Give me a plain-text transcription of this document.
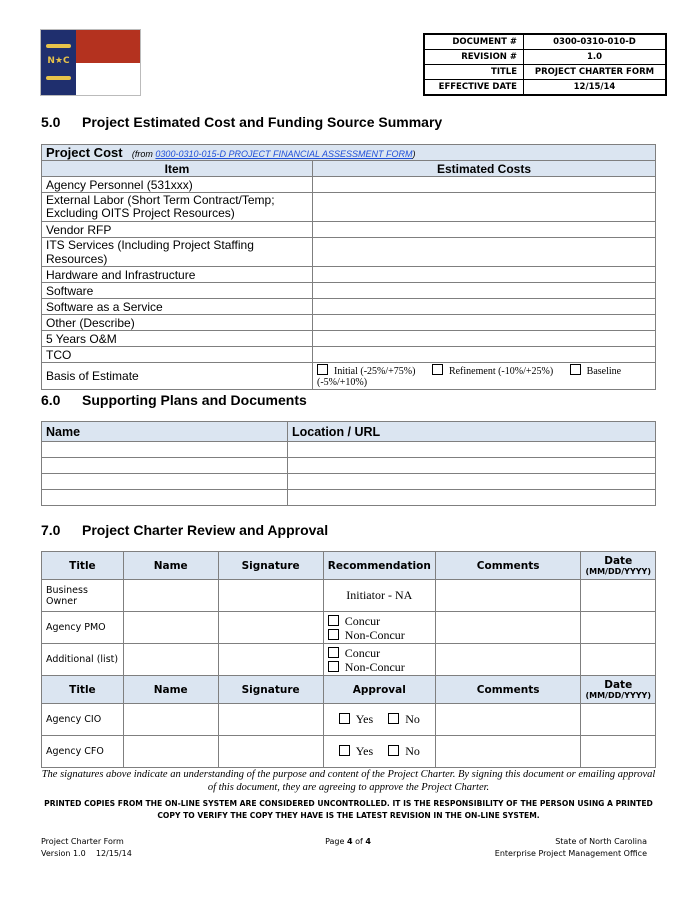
N★C
DOCUMENT #	0300-0310-010-D
REVISION #	1.0
TITLE	PROJECT CHARTER FORM
EFFECTIVE DATE	12/15/14
5.0 Project Estimated Cost and Funding Source Summary
Project Cost (from 0300-0310-015-D PROJECT FINANCIAL ASSESSMENT FORM)	
Item	Estimated Costs
Agency Personnel (531xxx)	
External Labor (Short Term Contract/Temp; Excluding OITS Project Resources)	
Vendor RFP	
ITS Services (Including Project Staffing Resources)	
Hardware and Infrastructure	
Software	
Software as a Service	
Other (Describe)	
5 Years O&M	
TCO	
Basis of Estimate	Initial (-25%/+75%) Refinement (-10%/+25%) Baseline (-5%/+10%)
6.0 Supporting Plans and Documents
Name	Location / URL

7.0 Project Charter Review and Approval
Title	Name	Signature	Recommendation	Comments	Date
(MM/DD/YYYY)

Business Owner			Initiator - NA		
Agency PMO			Concur
Non-Concur		
Additional (list)			Concur
Non-Concur		
Title	Name	Signature	Approval	Comments	Date
(MM/DD/YYYY)

Agency CIO			Yes No		
Agency CFO			Yes No		
The signatures above indicate an understanding of the purpose and content of the Project Charter. By signing this document or emailing approval of this document, they are agreeing to approve the Project Charter.
PRINTED COPIES FROM THE ON-LINE SYSTEM ARE CONSIDERED UNCONTROLLED. IT IS THE RESPONSIBILITY OF THE PERSON USING A PRINTED COPY TO VERIFY THE COPY THEY HAVE IS THE LATEST REVISION IN THE ON-LINE SYSTEM.
Project Charter Form
Version 1.0    12/15/14
Page 4 of 4	State of North Carolina
Enterprise Project Management Office
